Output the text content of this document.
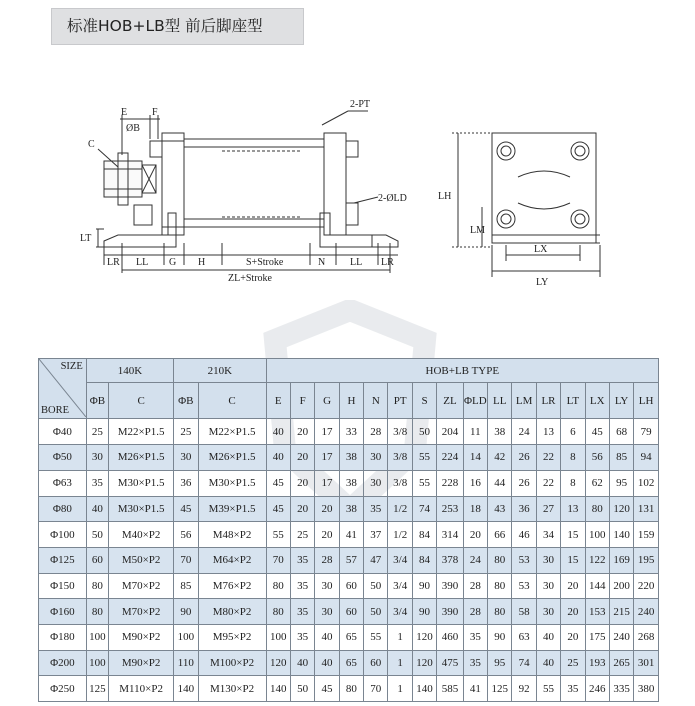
标准HOB+LB型 前后脚座型
E F
ØB
C
2-PT
2-ØLD
LT
LR LL G H	S+Stroke	N LL LR
ZL+Stroke
LH
LM
LX
LY
SIZE
BORE	140K		210K		HOB+LB TYPE															
	ΦB	C	ΦB	C	E	F	G	H	N	PT	S	ZL	ΦLD	LL	LM	LR	LT	LX	LY	LH
Φ40	25	M22×P1.5	25	M22×P1.5	40	20	17	33	28	3/8	50	204	11	38	24	13	6	45	68	79
Φ50	30	M26×P1.5	30	M26×P1.5	40	20	17	38	30	3/8	55	224	14	42	26	22	8	56	85	94
Φ63	35	M30×P1.5	36	M30×P1.5	45	20	17	38	30	3/8	55	228	16	44	26	22	8	62	95	102
Φ80	40	M30×P1.5	45	M39×P1.5	45	20	20	38	35	1/2	74	253	18	43	36	27	13	80	120	131
Φ100	50	M40×P2	56	M48×P2	55	25	20	41	37	1/2	84	314	20	66	46	34	15	100	140	159
Φ125	60	M50×P2	70	M64×P2	70	35	28	57	47	3/4	84	378	24	80	53	30	15	122	169	195
Φ150	80	M70×P2	85	M76×P2	80	35	30	60	50	3/4	90	390	28	80	53	30	20	144	200	220
Φ160	80	M70×P2	90	M80×P2	80	35	30	60	50	3/4	90	390	28	80	58	30	20	153	215	240
Φ180	100	M90×P2	100	M95×P2	100	35	40	65	55	1	120	460	35	90	63	40	20	175	240	268
Φ200	100	M90×P2	110	M100×P2	120	40	40	65	60	1	120	475	35	95	74	40	25	193	265	301
Φ250	125	M110×P2	140	M130×P2	140	50	45	80	70	1	140	585	41	125	92	55	35	246	335	380
